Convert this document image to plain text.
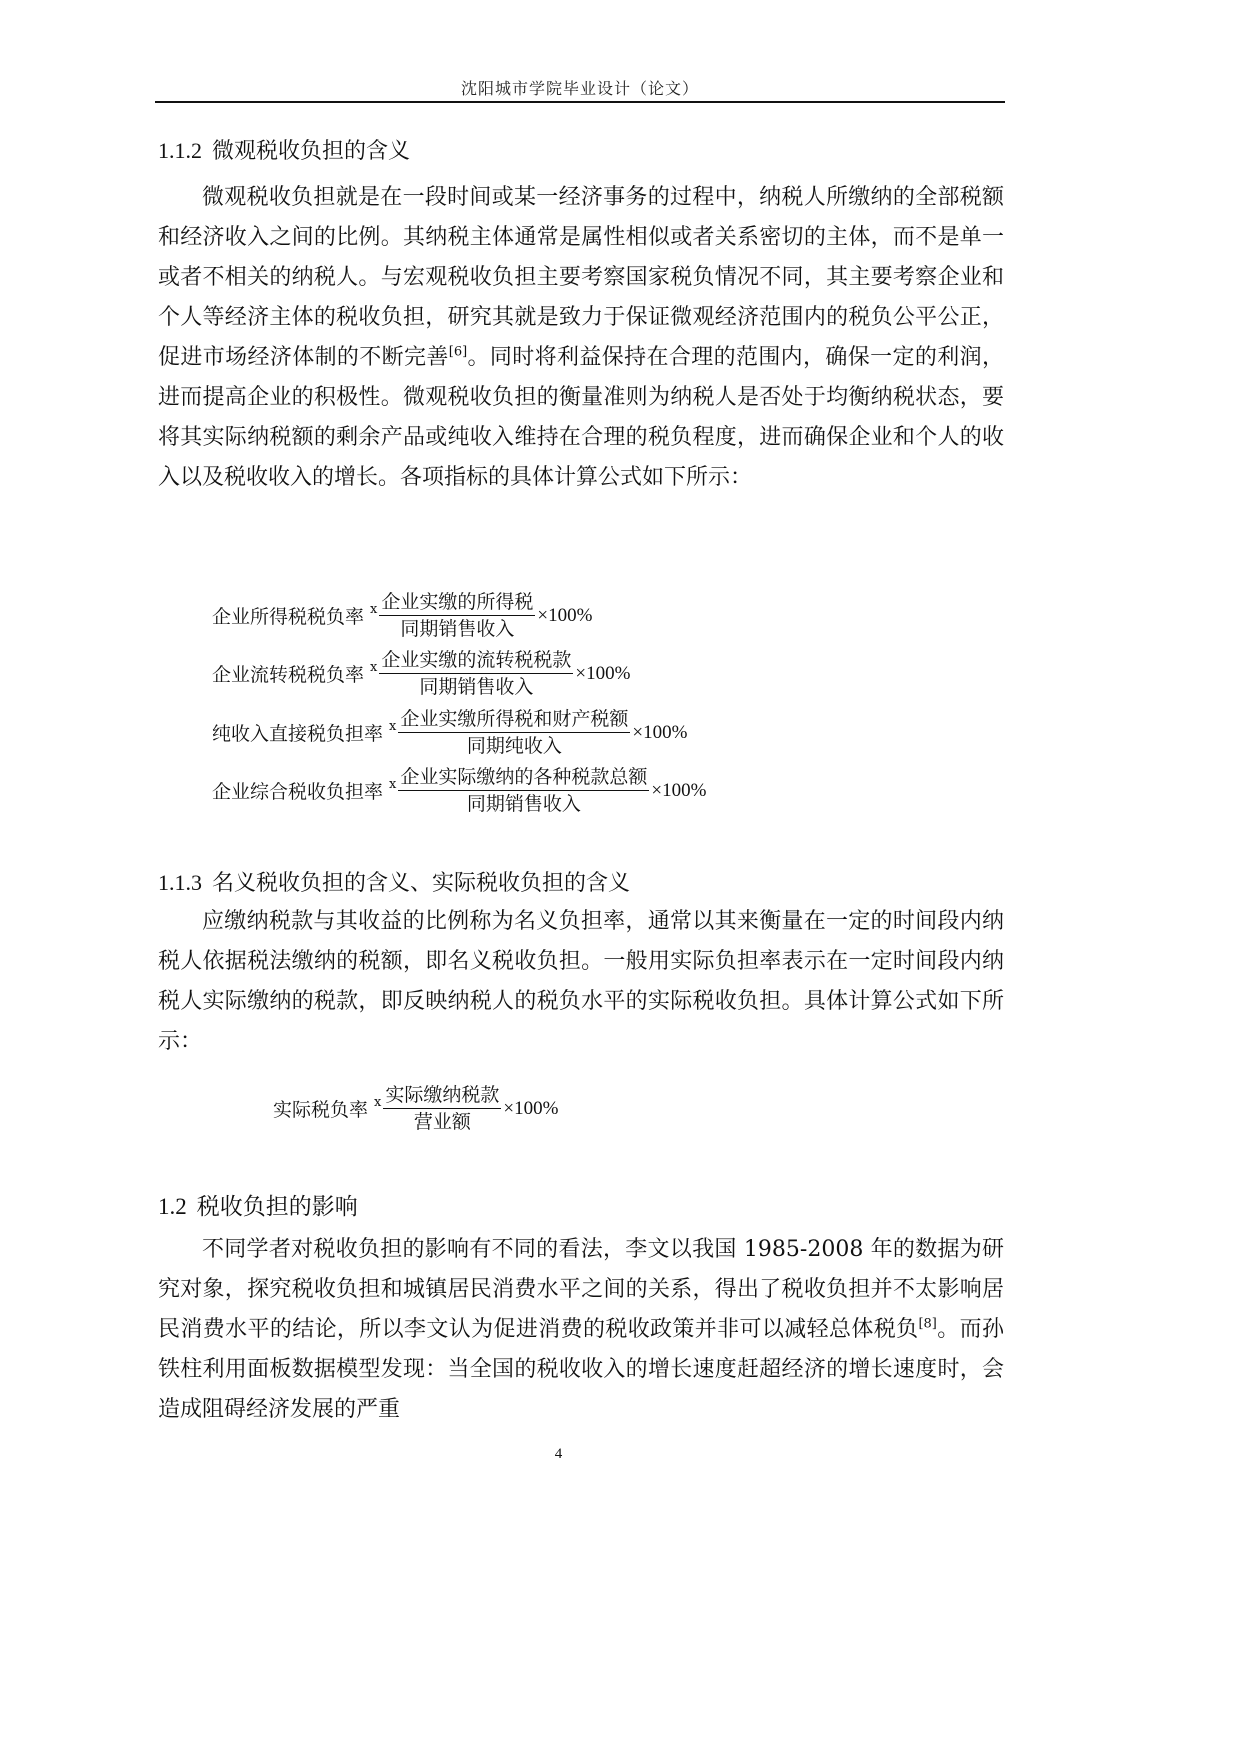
沈阳城市学院毕业设计（论文）
1.1.2 微观税收负担的含义

微观税收负担就是在一段时间或某一经济事务的过程中，纳税人所缴纳的全部税额和经济收入之间的比例。其纳税主体通常是属性相似或者关系密切的主体，而不是单一或者不相关的纳税人。与宏观税收负担主要考察国家税负情况不同，其主要考察企业和个人等经济主体的税收负担，研究其就是致力于保证微观经济范围内的税负公平公正，促进市场经济体制的不断完善[6]。同时将利益保持在合理的范围内，确保一定的利润，进而提高企业的积极性。微观税收负担的衡量准则为纳税人是否处于均衡纳税状态，要将其实际纳税额的剩余产品或纯收入维持在合理的税负程度，进而确保企业和个人的收入以及税收收入的增长。各项指标的具体计算公式如下所示：

企业所得税税负率 ⅹ $\frac{\text{企业实缴的所得税}}{\text{同期销售收入}} \times 100\%$
企业流转税税负率 ⅹ $\frac{\text{企业实缴的流转税税款}}{\text{同期销售收入}} \times 100\%$
纯收入直接税负担率 ⅹ $\frac{\text{企业实缴所得税和财产税额}}{\text{同期纯收入}} \times 100\%$
企业综合税收负担率 ⅹ $\frac{\text{企业实际缴纳的各种税款总额}}{\text{同期销售收入}} \times 100\%$
1.1.3 名义税收负担的含义、实际税收负担的含义

应缴纳税款与其收益的比例称为名义负担率，通常以其来衡量在一定的时间段内纳税人依据税法缴纳的税额，即名义税收负担。一般用实际负担率表示在一定时间段内纳税人实际缴纳的税款，即反映纳税人的税负水平的实际税收负担。具体计算公式如下所示：

实际税负率 ⅹ $\frac{\text{实际缴纳税款}}{\text{营业额}} \times 100\%$
1.2 税收负担的影响

不同学者对税收负担的影响有不同的看法，李文以我国 1985-2008 年的数据为研究对象，探究税收负担和城镇居民消费水平之间的关系，得出了税收负担并不太影响居民消费水平的结论，所以李文认为促进消费的税收政策并非可以减轻总体税负[8]。而孙铁柱利用面板数据模型发现：当全国的税收收入的增长速度赶超经济的增长速度时，会造成阻碍经济发展的严重

4
